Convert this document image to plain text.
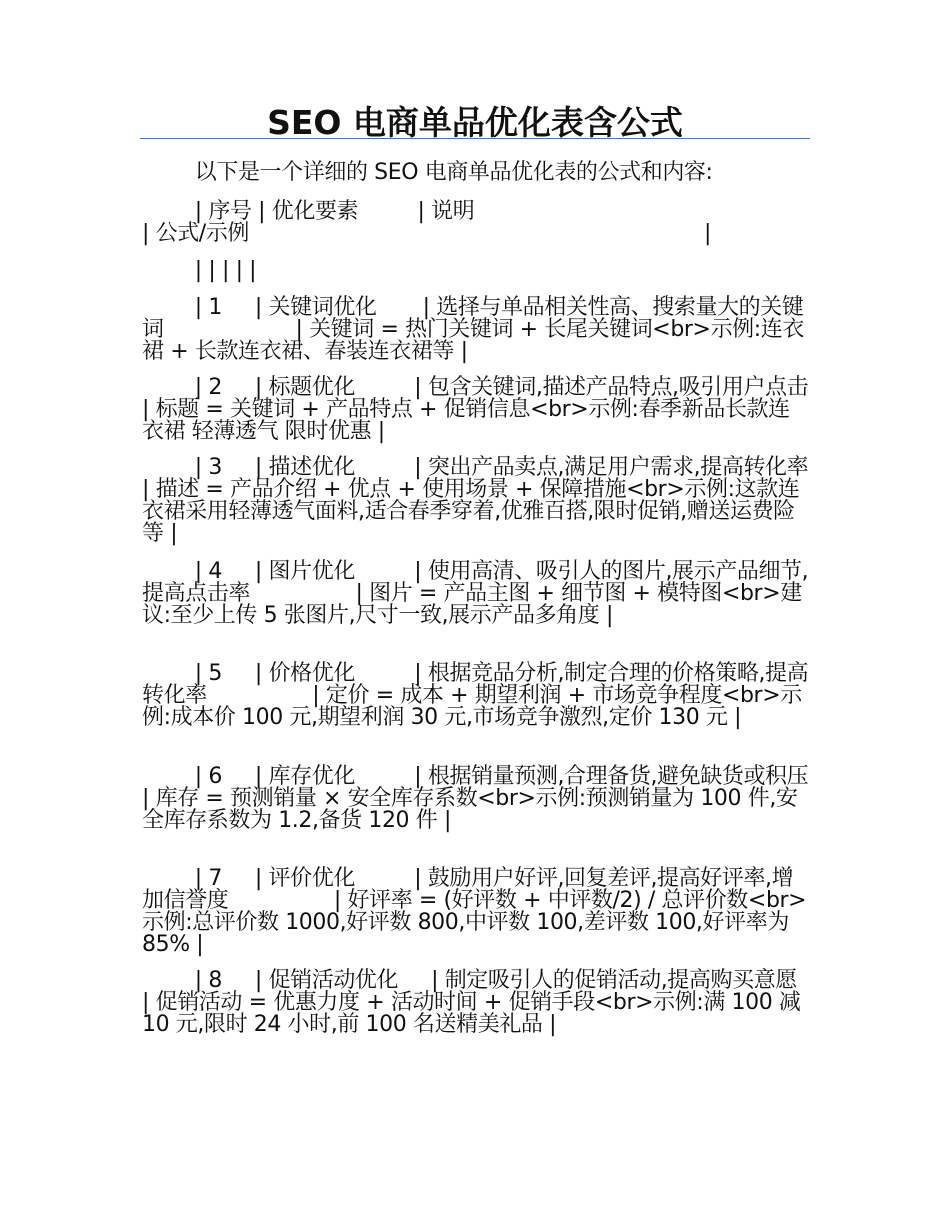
SEO 电商单品优化表含公式

以下是一个详细的 SEO 电商单品优化表的公式和内容:

| 序号 | 优化要素         | 说明
| 公式/示例                                                                     |

| | | | |

| 1     | 关键词优化       | 选择与单品相关性高、搜索量大的关键词                    | 关键词 = 热门关键词 + 长尾关键词<br>示例:连衣裙 + 长款连衣裙、春装连衣裙等 |

| 2     | 标题优化         | 包含关键词,描述产品特点,吸引用户点击                | 标题 = 关键词 + 产品特点 + 促销信息<br>示例:春季新品长款连衣裙 轻薄透气 限时优惠 |

| 3     | 描述优化         | 突出产品卖点,满足用户需求,提高转化率                | 描述 = 产品介绍 + 优点 + 使用场景 + 保障措施<br>示例:这款连衣裙采用轻薄透气面料,适合春季穿着,优雅百搭,限时促销,赠送运费险等 |

| 4     | 图片优化         | 使用高清、吸引人的图片,展示产品细节,提高点击率                | 图片 = 产品主图 + 细节图 + 模特图<br>建议:至少上传 5 张图片,尺寸一致,展示产品多角度 |

| 5     | 价格优化         | 根据竞品分析,制定合理的价格策略,提高转化率                | 定价 = 成本 + 期望利润 + 市场竞争程度<br>示例:成本价 100 元,期望利润 30 元,市场竞争激烈,定价 130 元 |

| 6     | 库存优化         | 根据销量预测,合理备货,避免缺货或积压                | 库存 = 预测销量 × 安全库存系数<br>示例:预测销量为 100 件,安全库存系数为 1.2,备货 120 件 |

| 7     | 评价优化         | 鼓励用户好评,回复差评,提高好评率,增加信誉度                | 好评率 = (好评数 + 中评数/2) / 总评价数<br>示例:总评价数 1000,好评数 800,中评数 100,差评数 100,好评率为 85% |

| 8     | 促销活动优化     | 制定吸引人的促销活动,提高购买意愿                | 促销活动 = 优惠力度 + 活动时间 + 促销手段<br>示例:满 100 减 10 元,限时 24 小时,前 100 名送精美礼品 |
